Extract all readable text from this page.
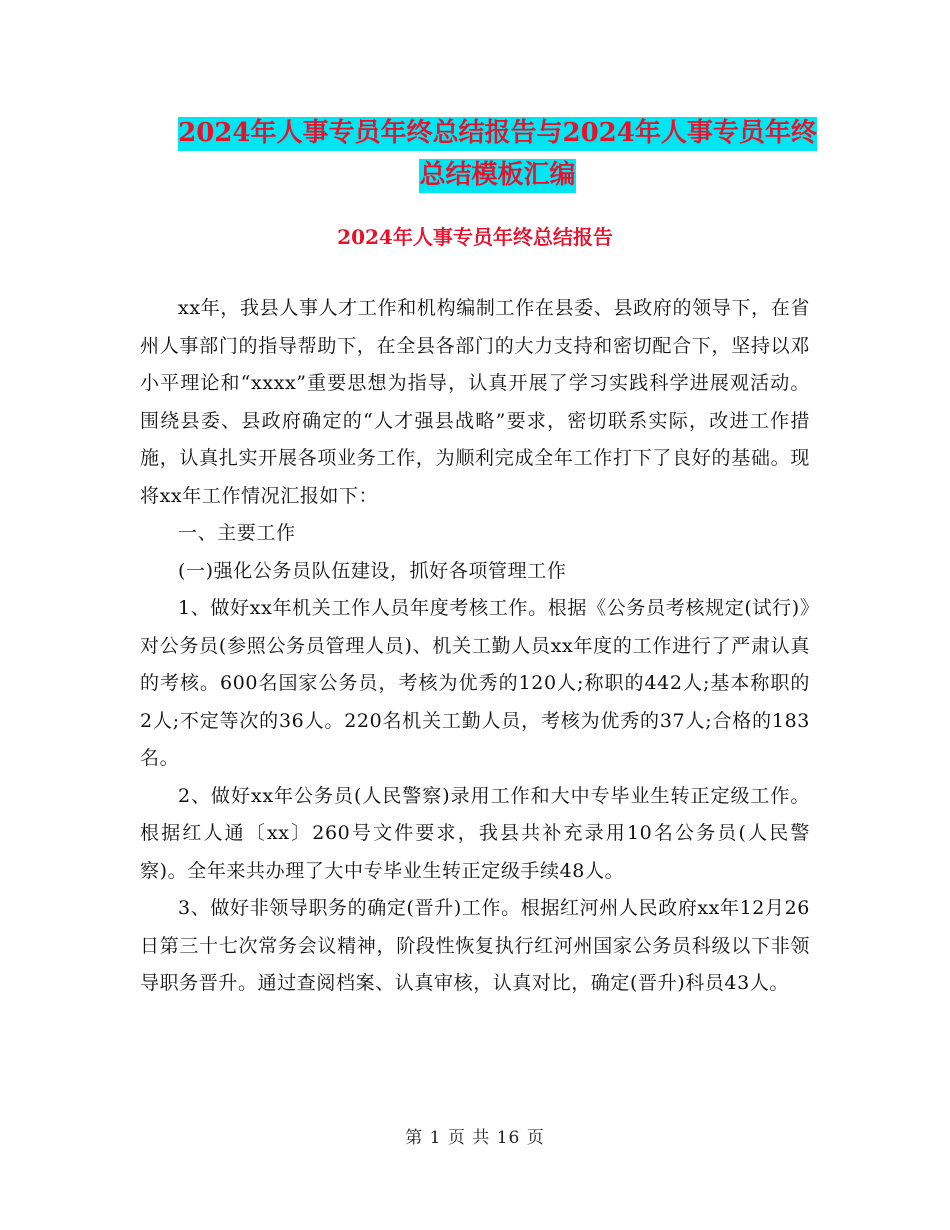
2024年人事专员年终总结报告与2024年人事专员年终
总结模板汇编
2024年人事专员年终总结报告

xx年，我县人事人才工作和机构编制工作在县委、县政府的领导下，在省州人事部门的指导帮助下，在全县各部门的大力支持和密切配合下，坚持以邓小平理论和“xxxx”重要思想为指导，认真开展了学习实践科学进展观活动。围绕县委、县政府确定的“人才强县战略”要求，密切联系实际，改进工作措施，认真扎实开展各项业务工作，为顺利完成全年工作打下了良好的基础。现将xx年工作情况汇报如下：

一、主要工作

(一)强化公务员队伍建设，抓好各项管理工作

1、做好xx年机关工作人员年度考核工作。根据《公务员考核规定(试行)》对公务员(参照公务员管理人员)、机关工勤人员xx年度的工作进行了严肃认真的考核。600名国家公务员，考核为优秀的120人;称职的442人;基本称职的2人;不定等次的36人。220名机关工勤人员，考核为优秀的37人;合格的183名。

2、做好xx年公务员(人民警察)录用工作和大中专毕业生转正定级工作。根据红人通〔xx〕260号文件要求，我县共补充录用10名公务员(人民警察)。全年来共办理了大中专毕业生转正定级手续48人。

3、做好非领导职务的确定(晋升)工作。根据红河州人民政府xx年12月26日第三十七次常务会议精神，阶段性恢复执行红河州国家公务员科级以下非领导职务晋升。通过查阅档案、认真审核，认真对比，确定(晋升)科员43人。

第 1 页 共 16 页
